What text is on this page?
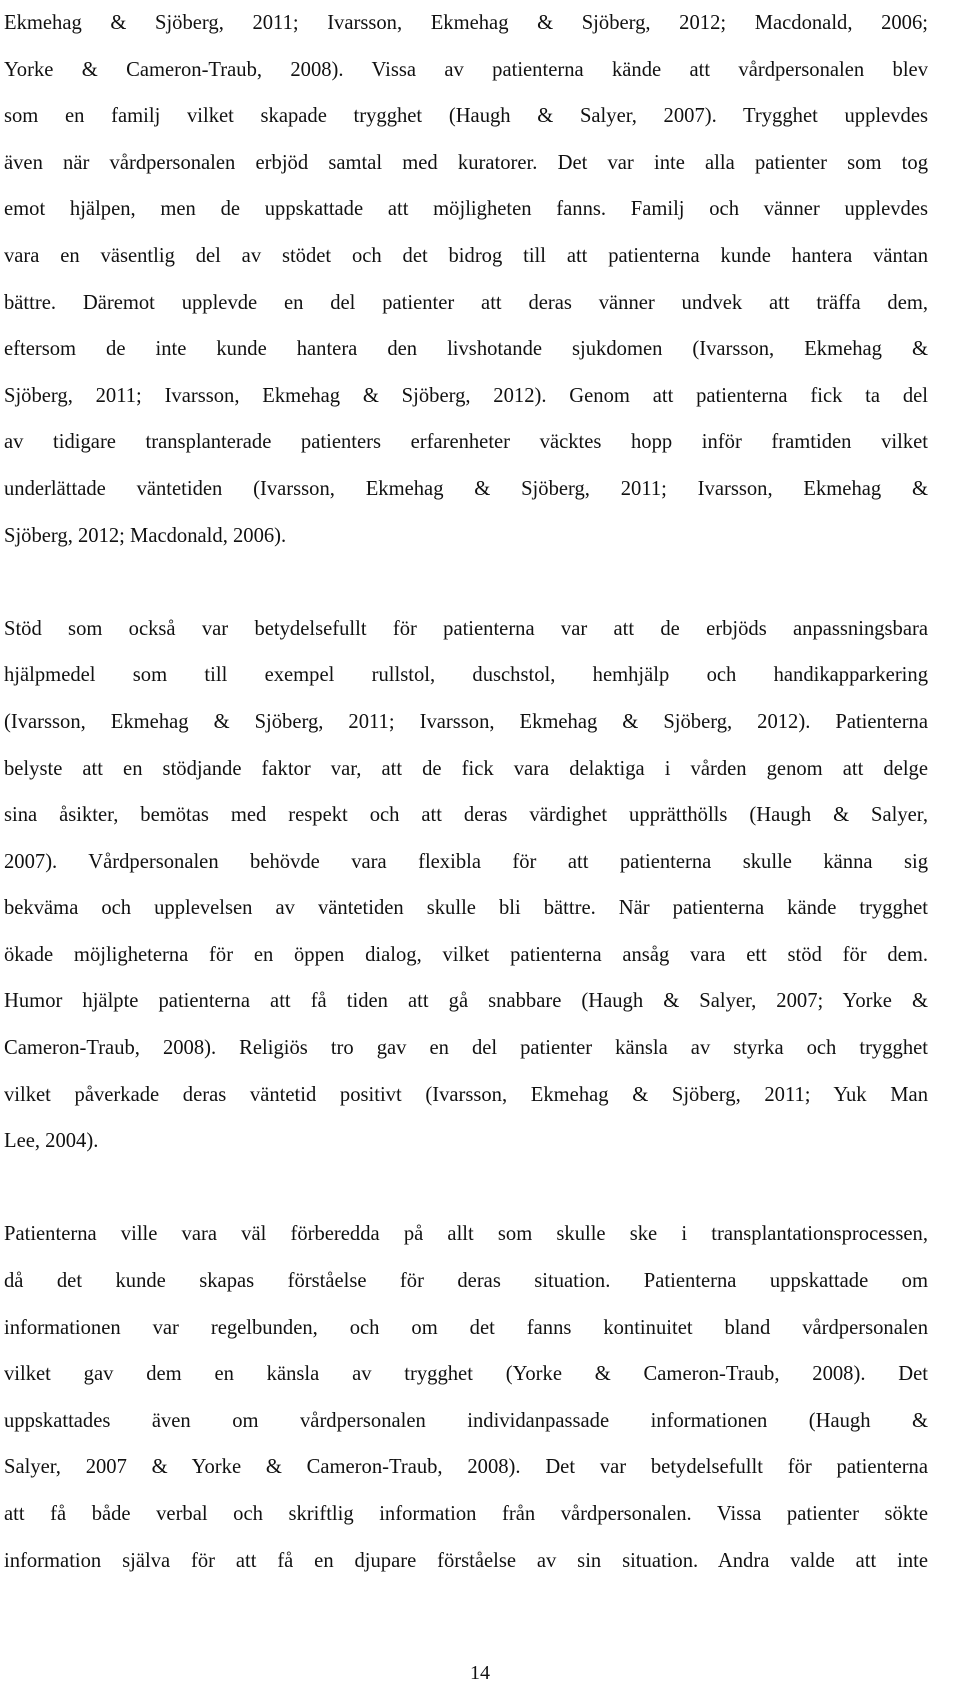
Ekmehag & Sjöberg, 2011; Ivarsson, Ekmehag & Sjöberg, 2012; Macdonald, 2006;
Yorke & Cameron-Traub, 2008). Vissa av patienterna kände att vårdpersonalen blev
som en familj vilket skapade trygghet (Haugh & Salyer, 2007). Trygghet upplevdes
även när vårdpersonalen erbjöd samtal med kuratorer. Det var inte alla patienter som tog
emot hjälpen, men de uppskattade att möjligheten fanns. Familj och vänner upplevdes
vara en väsentlig del av stödet och det bidrog till att patienterna kunde hantera väntan
bättre. Däremot upplevde en del patienter att deras vänner undvek att träffa dem,
eftersom de inte kunde hantera den livshotande sjukdomen (Ivarsson, Ekmehag &
Sjöberg, 2011; Ivarsson, Ekmehag & Sjöberg, 2012). Genom att patienterna fick ta del
av tidigare transplanterade patienters erfarenheter väcktes hopp inför framtiden vilket
underlättade väntetiden (Ivarsson, Ekmehag & Sjöberg, 2011; Ivarsson, Ekmehag &
Sjöberg, 2012; Macdonald, 2006).
Stöd som också var betydelsefullt för patienterna var att de erbjöds anpassningsbara
hjälpmedel som till exempel rullstol, duschstol, hemhjälp och handikapparkering
(Ivarsson, Ekmehag & Sjöberg, 2011; Ivarsson, Ekmehag & Sjöberg, 2012). Patienterna
belyste att en stödjande faktor var, att de fick vara delaktiga i vården genom att delge
sina åsikter, bemötas med respekt och att deras värdighet upprätthölls (Haugh & Salyer,
2007). Vårdpersonalen behövde vara flexibla för att patienterna skulle känna sig
bekväma och upplevelsen av väntetiden skulle bli bättre. När patienterna kände trygghet
ökade möjligheterna för en öppen dialog, vilket patienterna ansåg vara ett stöd för dem.
Humor hjälpte patienterna att få tiden att gå snabbare (Haugh & Salyer, 2007; Yorke &
Cameron-Traub, 2008). Religiös tro gav en del patienter känsla av styrka och trygghet
vilket påverkade deras väntetid positivt (Ivarsson, Ekmehag & Sjöberg, 2011; Yuk Man
Lee, 2004).
Patienterna ville vara väl förberedda på allt som skulle ske i transplantationsprocessen,
då det kunde skapas förståelse för deras situation. Patienterna uppskattade om
informationen var regelbunden, och om det fanns kontinuitet bland vårdpersonalen
vilket gav dem en känsla av trygghet (Yorke & Cameron-Traub, 2008). Det
uppskattades även om vårdpersonalen individanpassade informationen (Haugh &
Salyer, 2007 & Yorke & Cameron-Traub, 2008). Det var betydelsefullt för patienterna
att få både verbal och skriftlig information från vårdpersonalen. Vissa patienter sökte
information själva för att få en djupare förståelse av sin situation. Andra valde att inte
14
